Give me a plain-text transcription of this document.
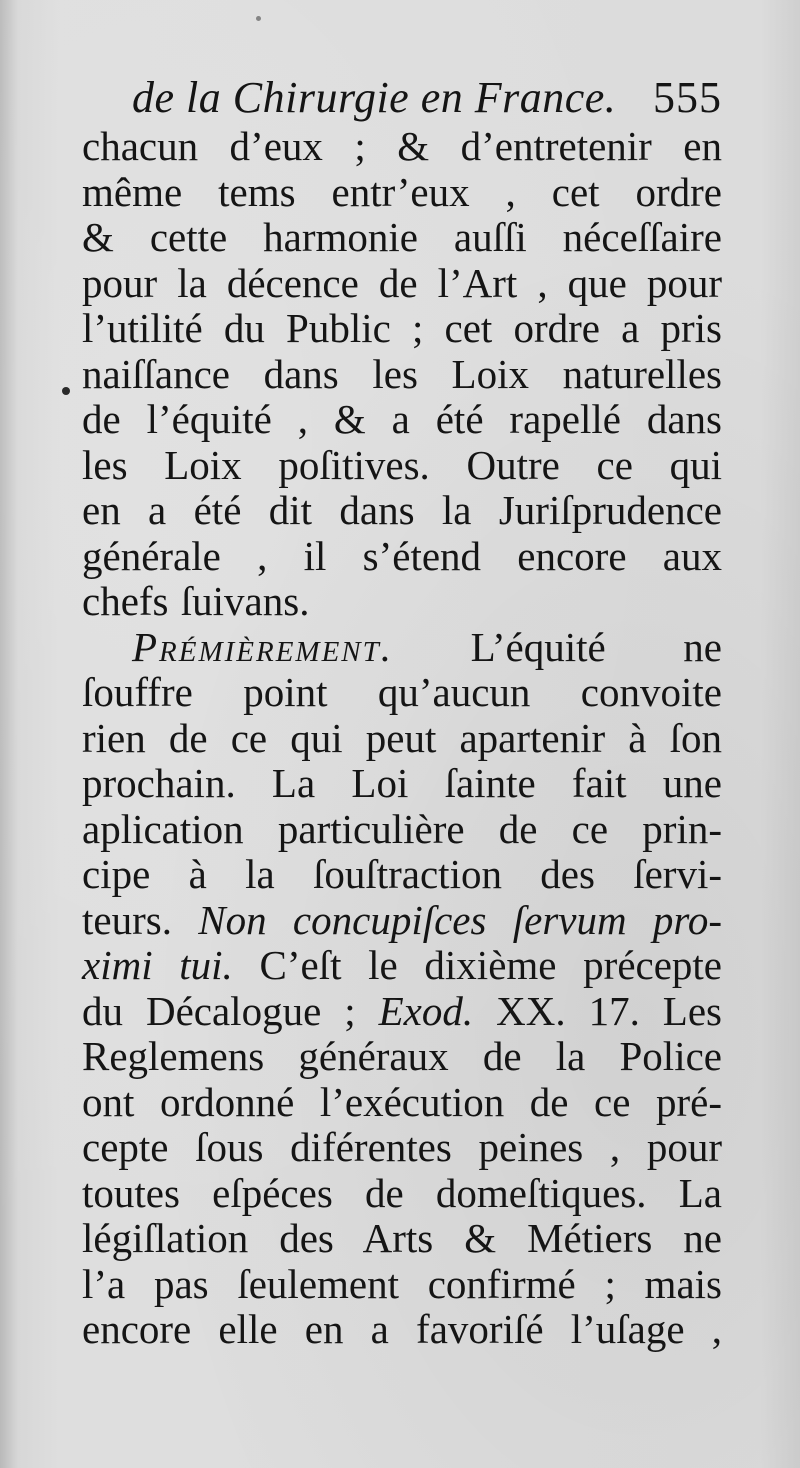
de la Chirurgie en France. 555
chacun d’eux ; & d’entretenir en
même tems entr’eux , cet ordre
& cette harmonie auſſi néceſſaire
pour la décence de l’Art , que pour
l’utilité du Public ; cet ordre a pris
naiſſance dans les Loix naturelles
de l’équité , & a été rapellé dans
les Loix poſitives. Outre ce qui
en a été dit dans la Juriſprudence
générale , il s’étend encore aux
chefs ſuivans.
Prémièrement. L’équité ne
ſouffre point qu’aucun convoite
rien de ce qui peut apartenir à ſon
prochain. La Loi ſainte fait une
aplication particulière de ce prin-
cipe à la ſouſtraction des ſervi-
teurs. Non concupiſces ſervum pro-
ximi tui. C’eſt le dixième précepte
du Décalogue ; Exod. XX. 17. Les
Reglemens généraux de la Police
ont ordonné l’exécution de ce pré-
cepte ſous diférentes peines , pour
toutes eſpéces de domeſtiques. La
légiſlation des Arts & Métiers ne
l’a pas ſeulement confirmé ; mais
encore elle en a favoriſé l’uſage ,
